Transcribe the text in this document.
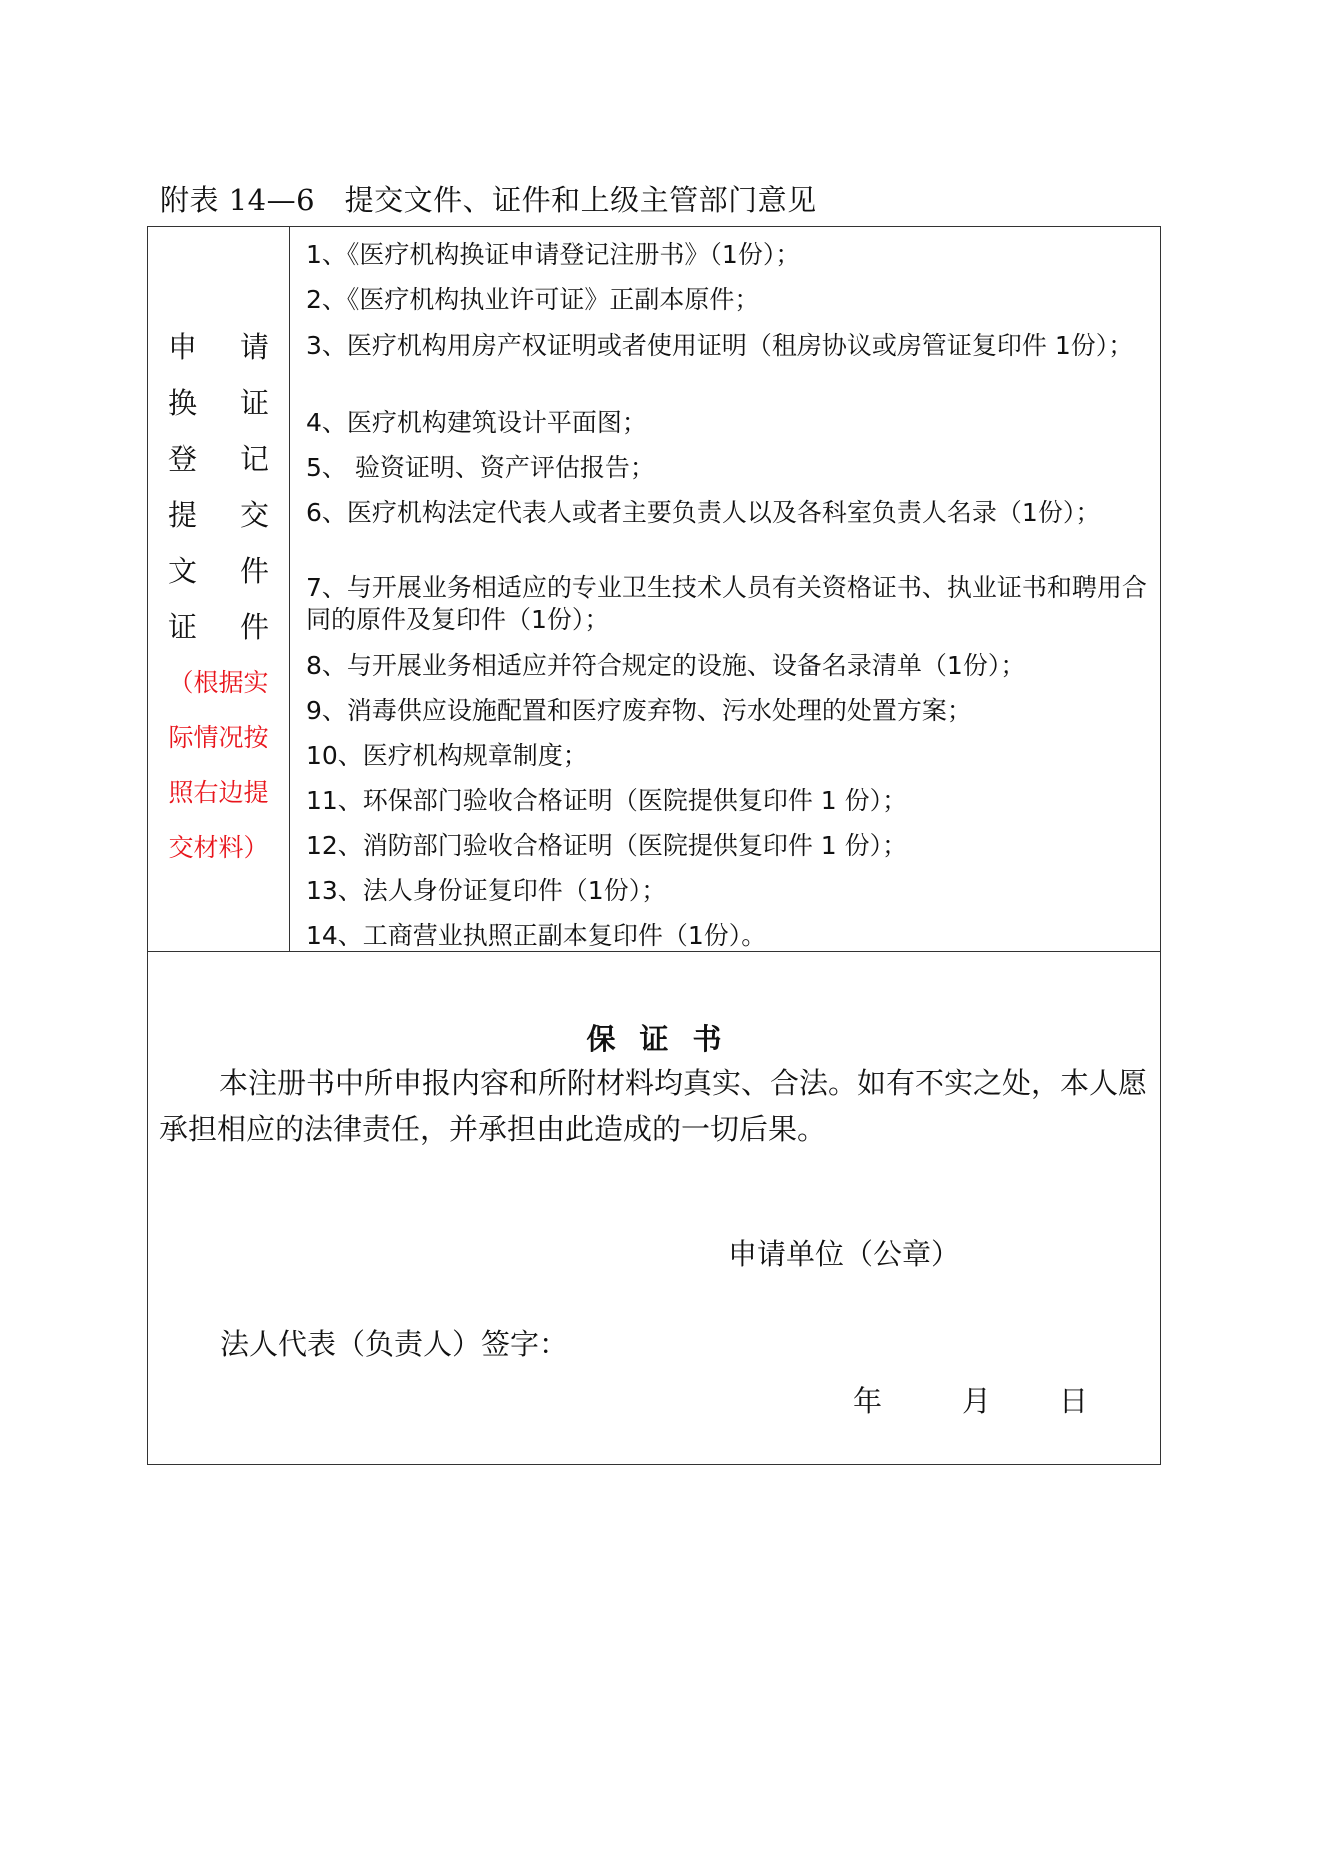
附表 14—6　提交文件、证件和上级主管部门意见
申 请
换 证
登 记
提 交
文 件
证 件
（根据实
际情况按
照右边提
交材料）
1、《医疗机构换证申请登记注册书》（1份）；
2、《医疗机构执业许可证》正副本原件；
3、医疗机构用房产权证明或者使用证明（租房协议或房管证复印件 1份）；
4、医疗机构建筑设计平面图；
5、 验资证明、资产评估报告；
6、医疗机构法定代表人或者主要负责人以及各科室负责人名录（1份）；
7、与开展业务相适应的专业卫生技术人员有关资格证书、执业证书和聘用合同的原件及复印件（1份）；
8、与开展业务相适应并符合规定的设施、设备名录清单（1份）；
9、消毒供应设施配置和医疗废弃物、污水处理的处置方案；
10、医疗机构规章制度；
11、环保部门验收合格证明（医院提供复印件 1 份）；
12、消防部门验收合格证明（医院提供复印件 1 份）；
13、法人身份证复印件（1份）；
14、工商营业执照正副本复印件（1份）。
保证书
本注册书中所申报内容和所附材料均真实、合法。如有不实之处，本人愿承担相应的法律责任，并承担由此造成的一切后果。
申请单位（公章）
法人代表（负责人）签字：
年	月 日
